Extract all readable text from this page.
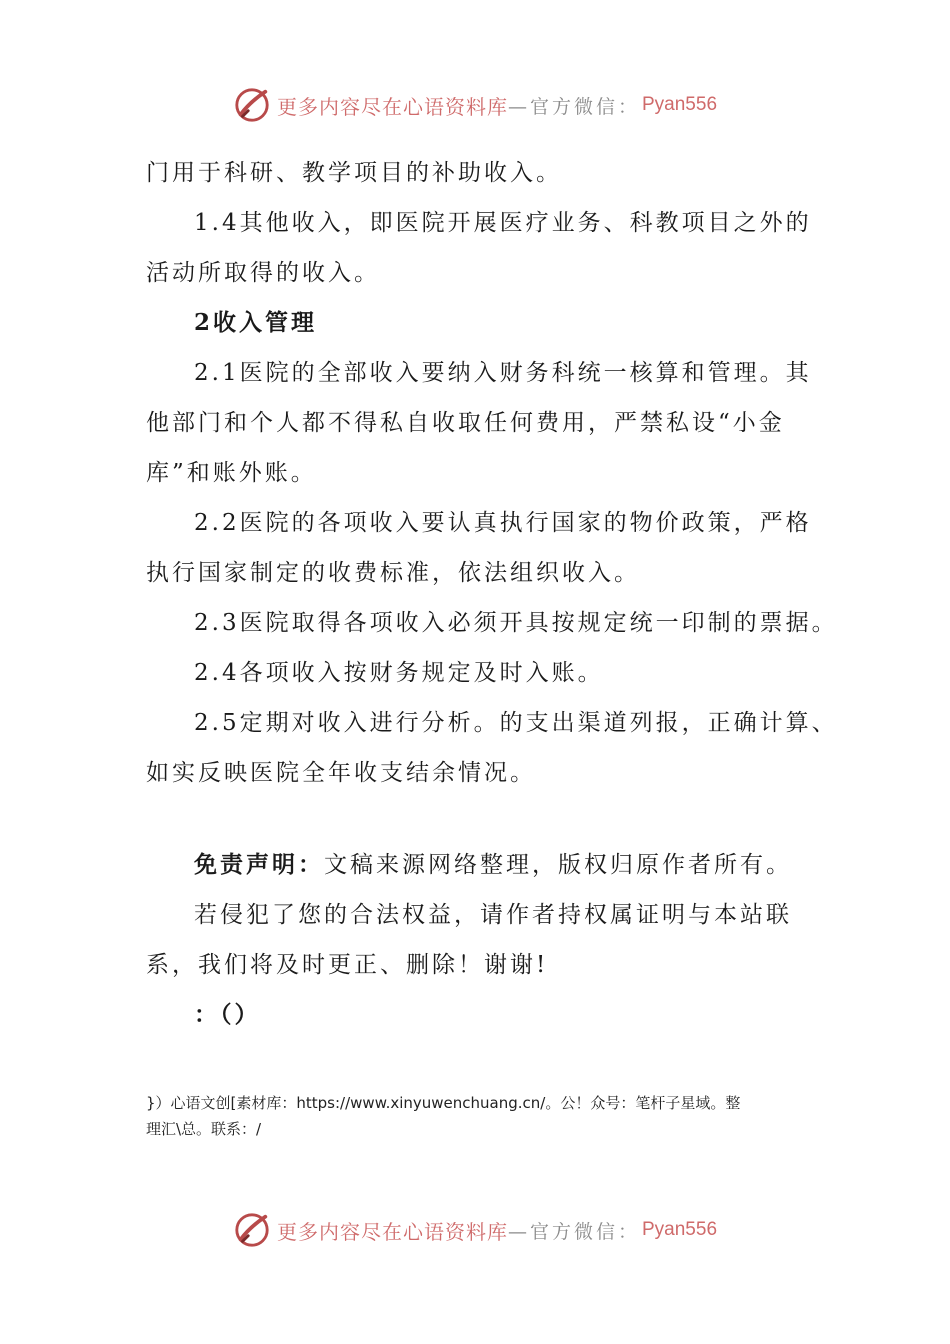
更多内容尽在心语资料库 —官方微信： Pyan556

门用于科研、教学项目的补助收入。

1.4其他收入，即医院开展医疗业务、科教项目之外的

活动所取得的收入。

2收入管理

2.1医院的全部收入要纳入财务科统一核算和管理。其

他部门和个人都不得私自收取任何费用，严禁私设“小金

库”和账外账。

2.2医院的各项收入要认真执行国家的物价政策，严格

执行国家制定的收费标准，依法组织收入。

2.3医院取得各项收入必须开具按规定统一印制的票据。

2.4各项收入按财务规定及时入账。

2.5定期对收入进行分析。的支出渠道列报，正确计算、

如实反映医院全年收支结余情况。

免责声明：文稿来源网络整理，版权归原作者所有。

若侵犯了您的合法权益，请作者持权属证明与本站联

系，我们将及时更正、删除！谢谢!

：（）

}）心语文创[素材库：https://www.xinyuwenchuang.cn/。公！众号：笔杆子星域。整

理汇\总。联系：/

更多内容尽在心语资料库 —官方微信： Pyan556
